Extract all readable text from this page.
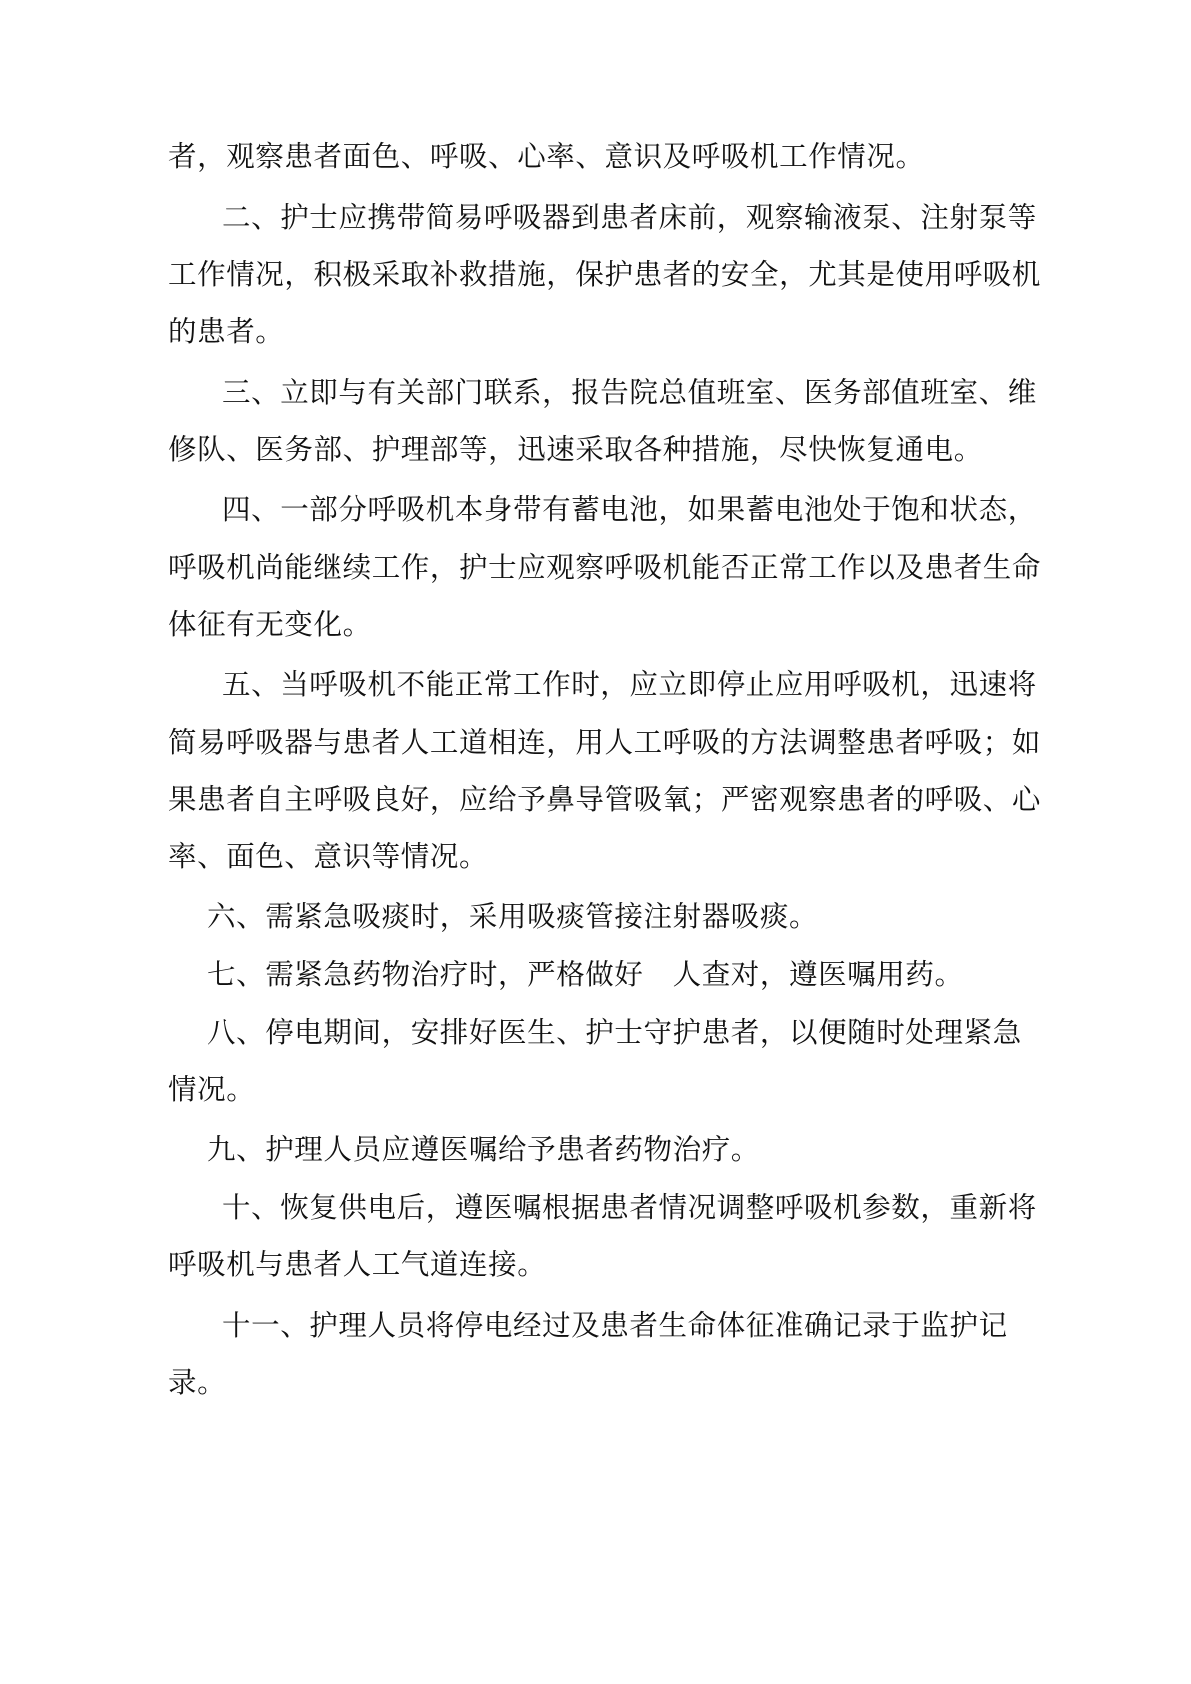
者，观察患者面色、呼吸、心率、意识及呼吸机工作情况。
二、护士应携带简易呼吸器到患者床前，观察输液泵、注射泵等
工作情况，积极采取补救措施，保护患者的安全，尤其是使用呼吸机
的患者。
三、立即与有关部门联系，报告院总值班室、医务部值班室、维
修队、医务部、护理部等，迅速采取各种措施，尽快恢复通电。
四、一部分呼吸机本身带有蓄电池，如果蓄电池处于饱和状态，
呼吸机尚能继续工作，护士应观察呼吸机能否正常工作以及患者生命
体征有无变化。
五、当呼吸机不能正常工作时，应立即停止应用呼吸机，迅速将
简易呼吸器与患者人工道相连，用人工呼吸的方法调整患者呼吸；如
果患者自主呼吸良好，应给予鼻导管吸氧；严密观察患者的呼吸、心
率、面色、意识等情况。
六、需紧急吸痰时，采用吸痰管接注射器吸痰。
七、需紧急药物治疗时，严格做好　人查对，遵医嘱用药。
八、停电期间，安排好医生、护士守护患者，以便随时处理紧急
情况。
九、护理人员应遵医嘱给予患者药物治疗。
十、恢复供电后，遵医嘱根据患者情况调整呼吸机参数，重新将
呼吸机与患者人工气道连接。
十一、护理人员将停电经过及患者生命体征准确记录于监护记
录。
